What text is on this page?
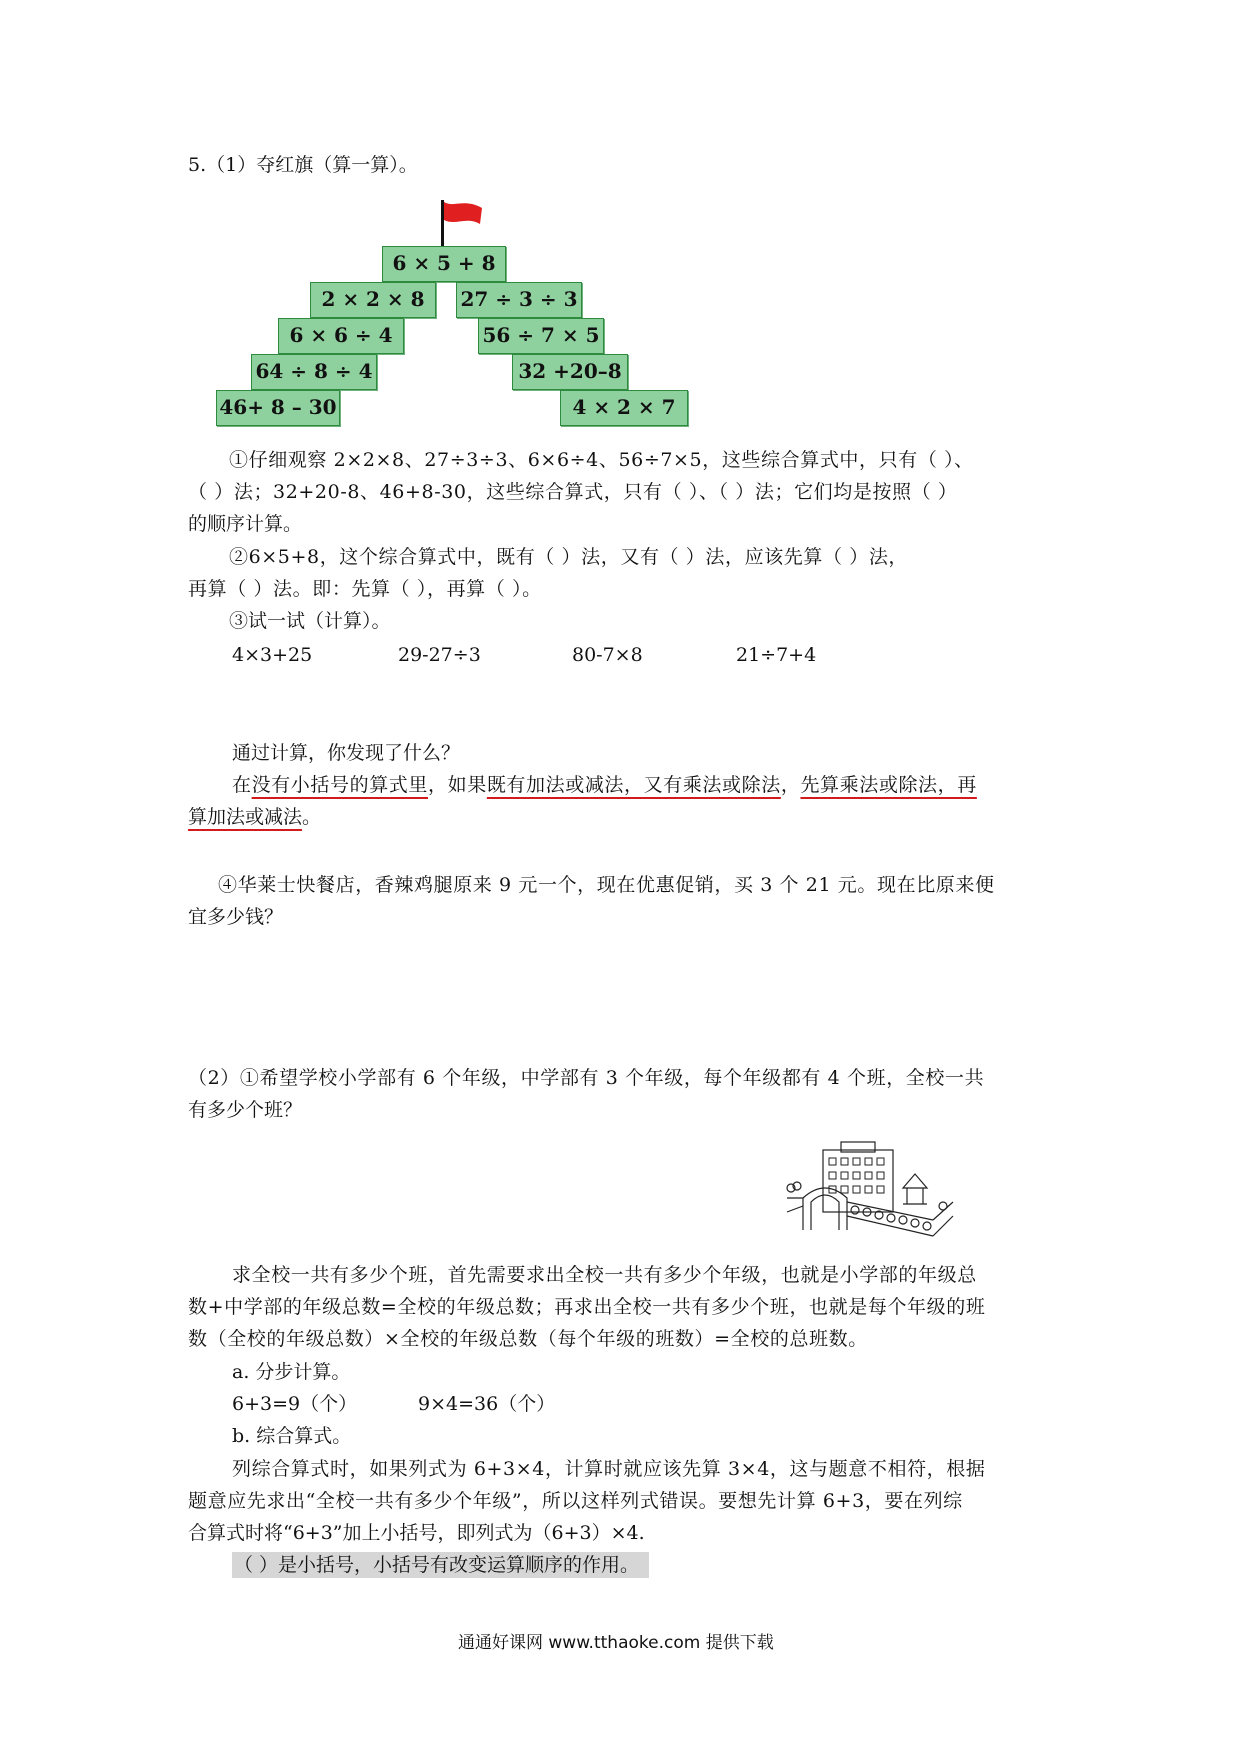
5.（1）夺红旗（算一算）。
6 × 5 + 8
2 × 2 × 8
6 × 6 ÷ 4
64 ÷ 8 ÷ 4
46+ 8 – 30
27 ÷ 3 ÷ 3
56 ÷ 7 × 5
32 +20–8
4 × 2 × 7
①仔细观察 2×2×8、27÷3÷3、6×6÷4、56÷7×5，这些综合算式中，只有（ ）、
（ ）法；32+20-8、46+8-30，这些综合算式，只有（ ）、（ ）法；它们均是按照（ ）
的顺序计算。
②6×5+8，这个综合算式中，既有（ ）法，又有（ ）法，应该先算（ ）法，
再算（ ）法。即：先算（ ），再算（ ）。
③试一试（计算）。
4×3+25	29-27÷3	80-7×8	21÷7+4
通过计算，你发现了什么？
在没有小括号的算式里，如果既有加法或减法，又有乘法或除法，先算乘法或除法，再
算加法或减法。
④华莱士快餐店，香辣鸡腿原来 9 元一个，现在优惠促销，买 3 个 21 元。现在比原来便
宜多少钱？
（2）①希望学校小学部有 6 个年级，中学部有 3 个年级，每个年级都有 4 个班，全校一共
有多少个班？
求全校一共有多少个班，首先需要求出全校一共有多少个年级，也就是小学部的年级总
数+中学部的年级总数=全校的年级总数；再求出全校一共有多少个班，也就是每个年级的班
数（全校的年级总数）×全校的年级总数（每个年级的班数）=全校的总班数。
a. 分步计算。
6+3=9（个）	9×4=36（个）
b. 综合算式。
列综合算式时，如果列式为 6+3×4，计算时就应该先算 3×4，这与题意不相符，根据
题意应先求出“全校一共有多少个年级”，所以这样列式错误。要想先计算 6+3，要在列综
合算式时将“6+3”加上小括号，即列式为（6+3）×4.
（ ）是小括号，小括号有改变运算顺序的作用。
通通好课网 www.tthaoke.com 提供下载
